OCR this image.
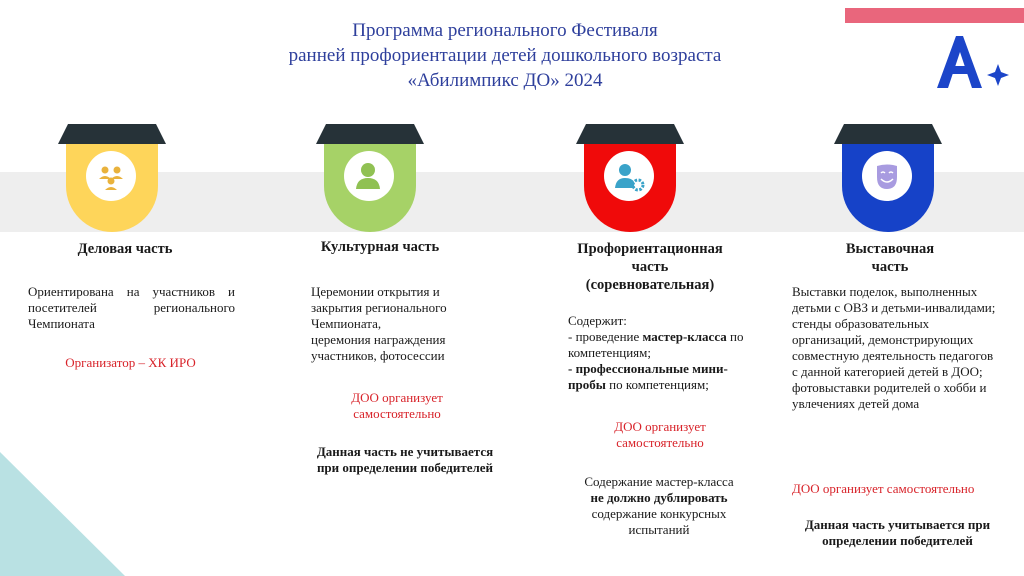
Программа регионального Фестиваля
ранней профориентации детей дошкольного возраста
«Абилимпикс ДО» 2024
Деловая часть
Ориентирована на участников и посетителей регионального Чемпионата
Организатор – ХК ИРО
Культурная часть

Церемонии открытия и закрытия регионального Чемпионата,

церемония награждения участников, фотосессии

ДОО организует самостоятельно
Данная часть не учитывается при определении победителей
Профориентационная
часть
(соревновательная)

Содержит:

- проведение мастер-класса по компетенциям;

- профессиональные мини-пробы по компетенциям;

ДОО организует самостоятельно

Содержание мастер-класса

не должно дублировать

содержание конкурсных испытаний

Выставочная
часть

Выставки поделок, выполненных детьми с ОВЗ и детьми-инвалидами;

стенды образовательных организаций, демонстрирующих совместную деятельность педагогов с данной категорией детей в ДОО;

фотовыставки родителей о хобби и увлечениях детей дома

ДОО организует самостоятельно
Данная часть учитывается при определении победителей
